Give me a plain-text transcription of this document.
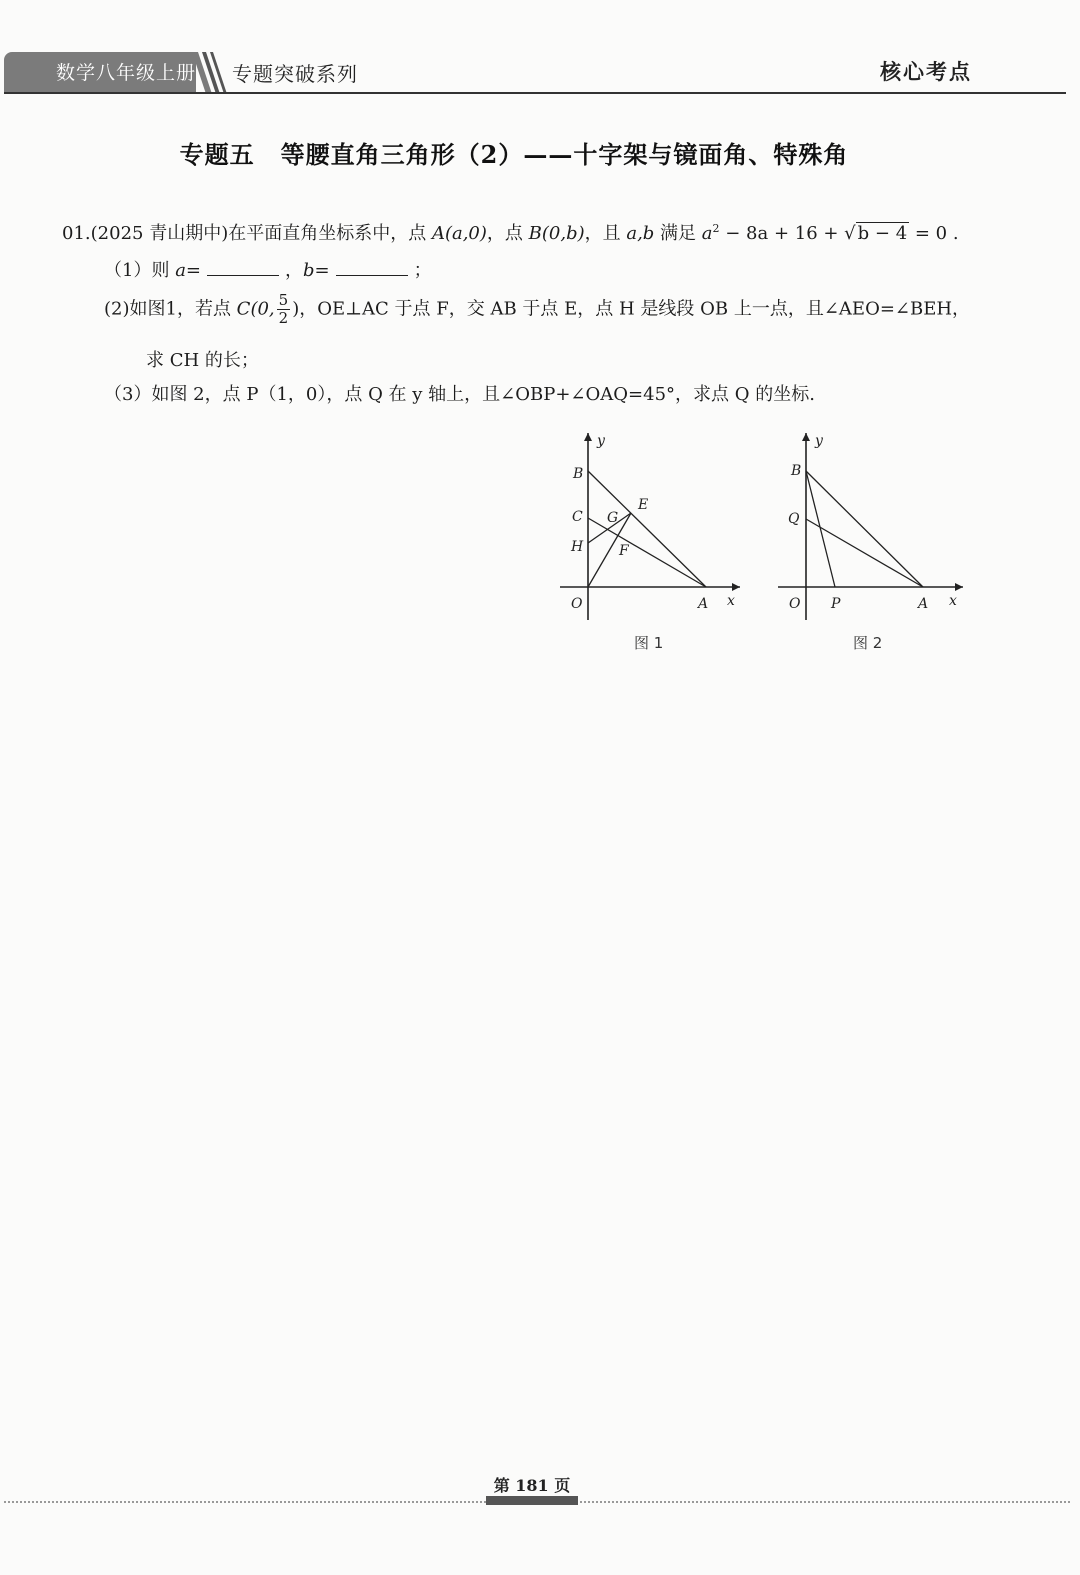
数学八年级上册 专题突破系列	核心考点
专题五 等腰直角三角形（2）——十字架与镜面角、特殊角
01.(2025 青山期中)在平面直角坐标系中，点 A(a,0)，点 B(0,b)，且 a,b 满足 $a^2 - 8a + 16$ + √ b − 4 = 0 .
（1）则 a=	，b=	；
(2)如图1，若点 C(0, $\frac{5}{2}$ )，OE⊥AC 于点 F，交 AB 于点 E，点 H 是线段 OB 上一点，且∠AEO=∠BEH，
求 CH 的长；
（3）如图 2，点 P（1，0），点 Q 在 y 轴上，且∠OBP+∠OAQ=45°，求点 Q 的坐标.
B
C
H
G
E
F
O	A x
y
图 1
B
Q
O P	A x
y
图 2
第 181 页
